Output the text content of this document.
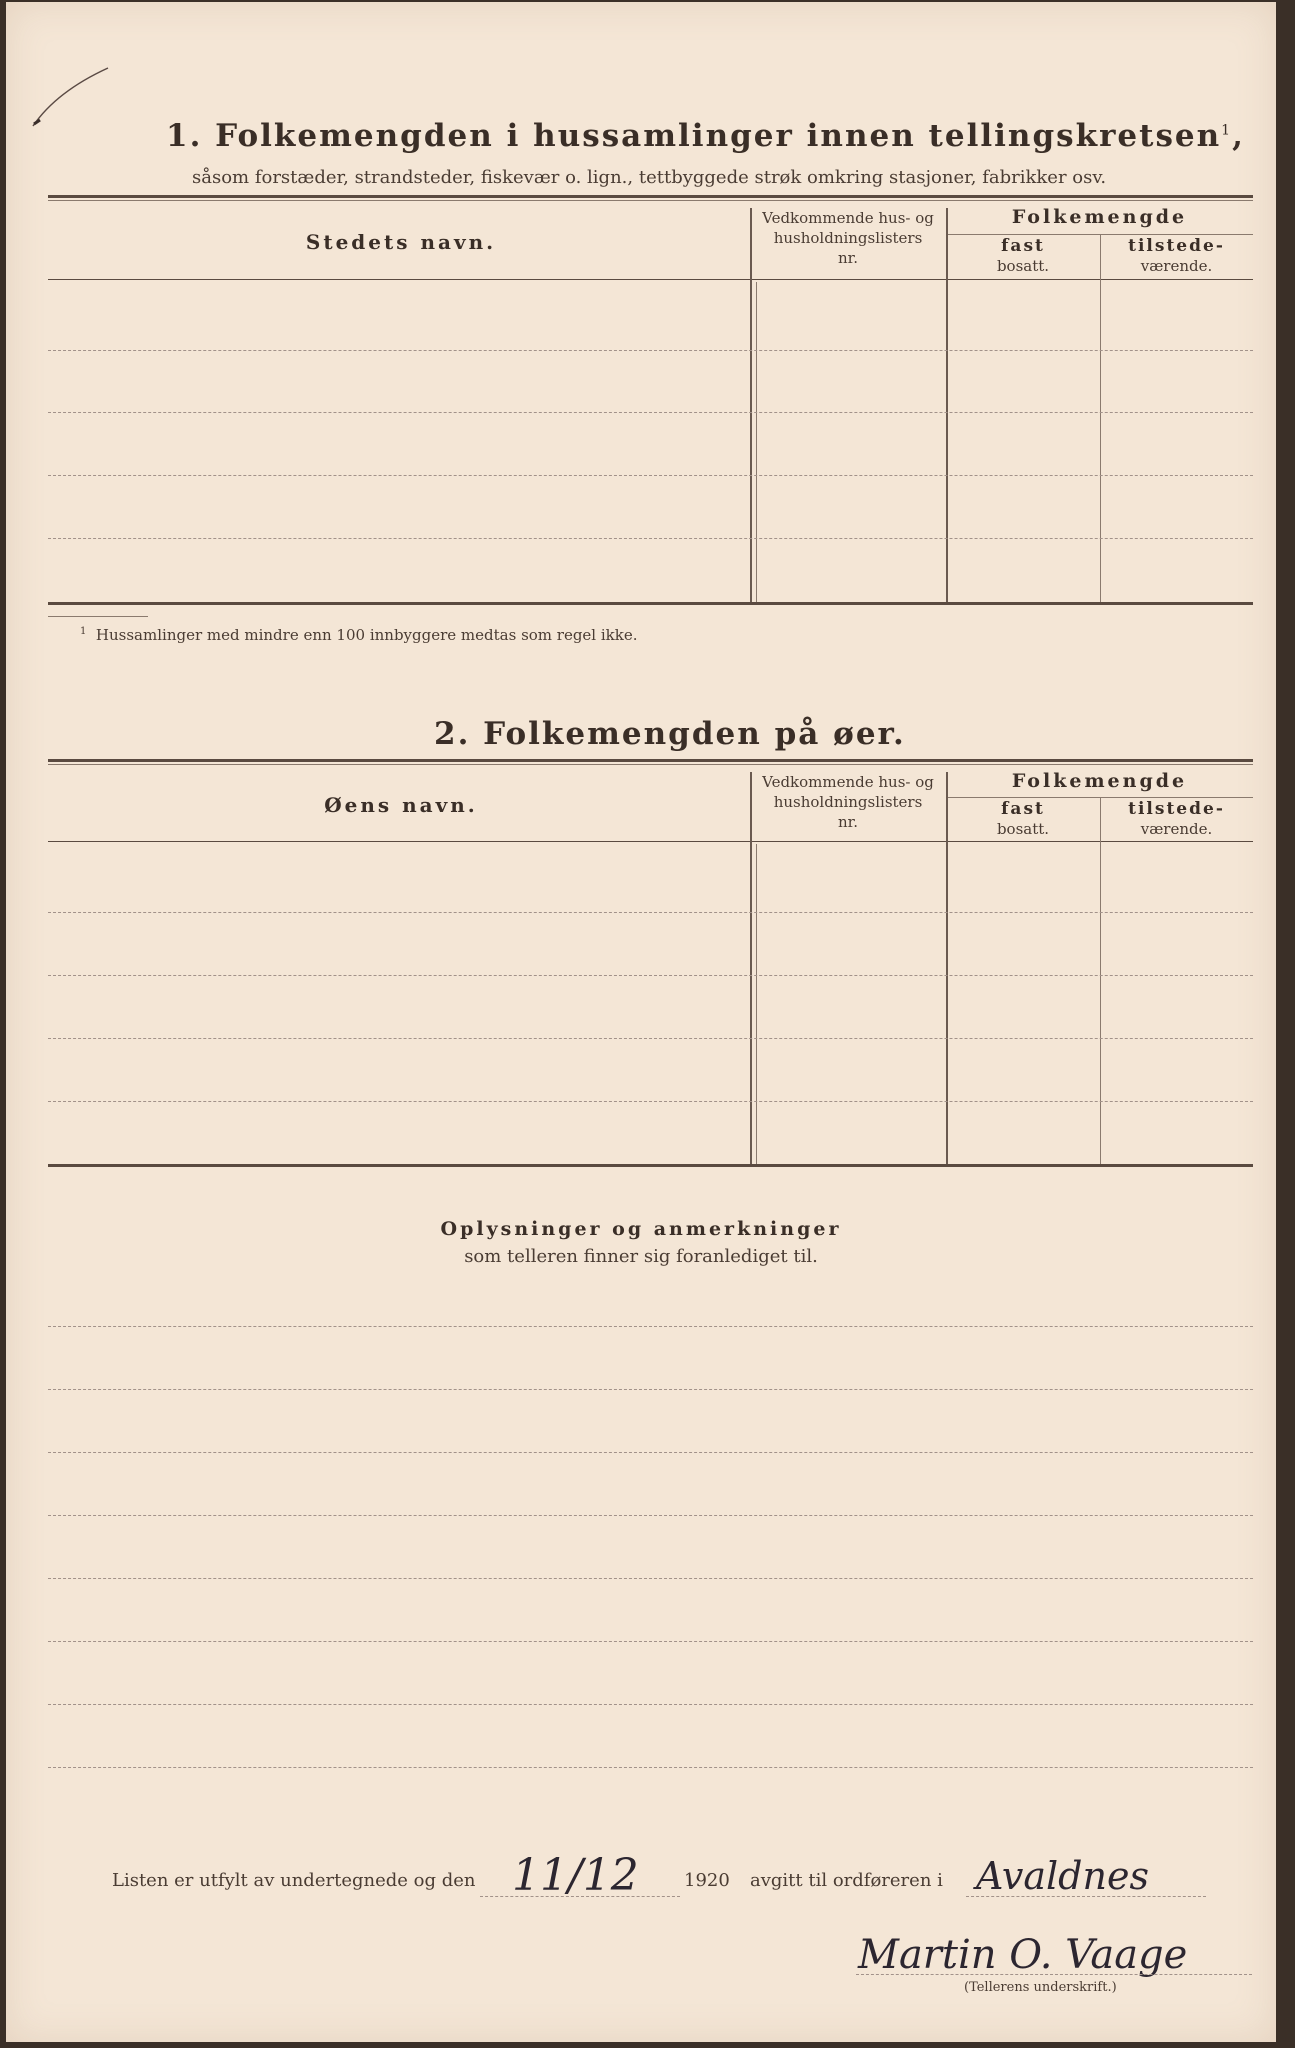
1. Folkemengden i hussamlinger innen tellingskretsen$^1$,
såsom forstæder, strandsteder, fiskevær o. lign., tettbyggede strøk omkring stasjoner, fabrikker osv.
Stedets navn.
Vedkommende hus- og
husholdningslisters
nr.
Folkemengde
fast
bosatt.
tilstede-
værende.
$^1$ Hussamlinger med mindre enn 100 innbyggere medtas som regel ikke.
2. Folkemengden på øer.
Øens navn.
Vedkommende hus- og
husholdningslisters
nr.
Folkemengde
fast
bosatt.
tilstede-
værende.
Oplysninger og anmerkninger
som telleren finner sig foranlediget til.
Listen er utfylt av undertegnede og den 11/12	1920 avgitt til ordføreren i Avaldnes
Martin O. Vaage
(Tellerens underskrift.)
